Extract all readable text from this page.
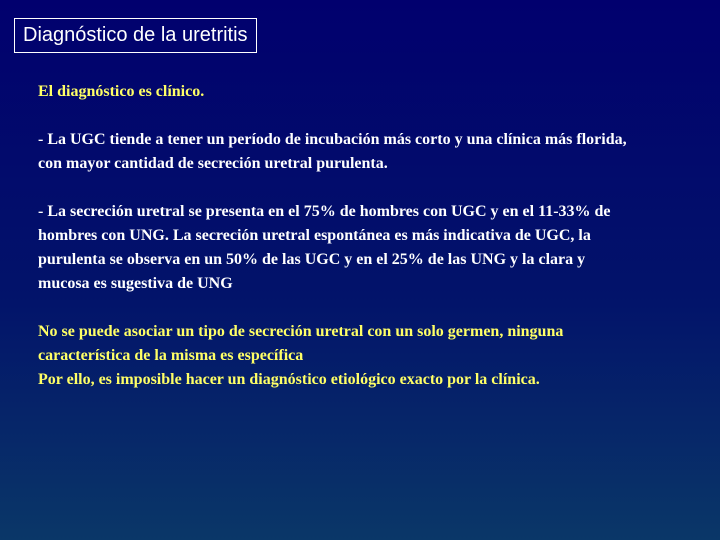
Diagnóstico de la uretritis

El diagnóstico es clínico.

- La UGC tiende a tener un período de incubación más corto y una clínica más florida, con mayor cantidad de secreción uretral purulenta.

- La secreción uretral se presenta en el 75% de hombres con UGC y en el 11-33% de hombres con UNG. La secreción uretral espontánea es más indicativa de UGC, la purulenta se observa en un 50% de las UGC y en el 25% de las UNG y la clara y mucosa es sugestiva de UNG

No se puede asociar un tipo de secreción uretral con un solo germen, ninguna característica de la misma es específica

Por ello, es imposible hacer un diagnóstico etiológico exacto por la clínica.
